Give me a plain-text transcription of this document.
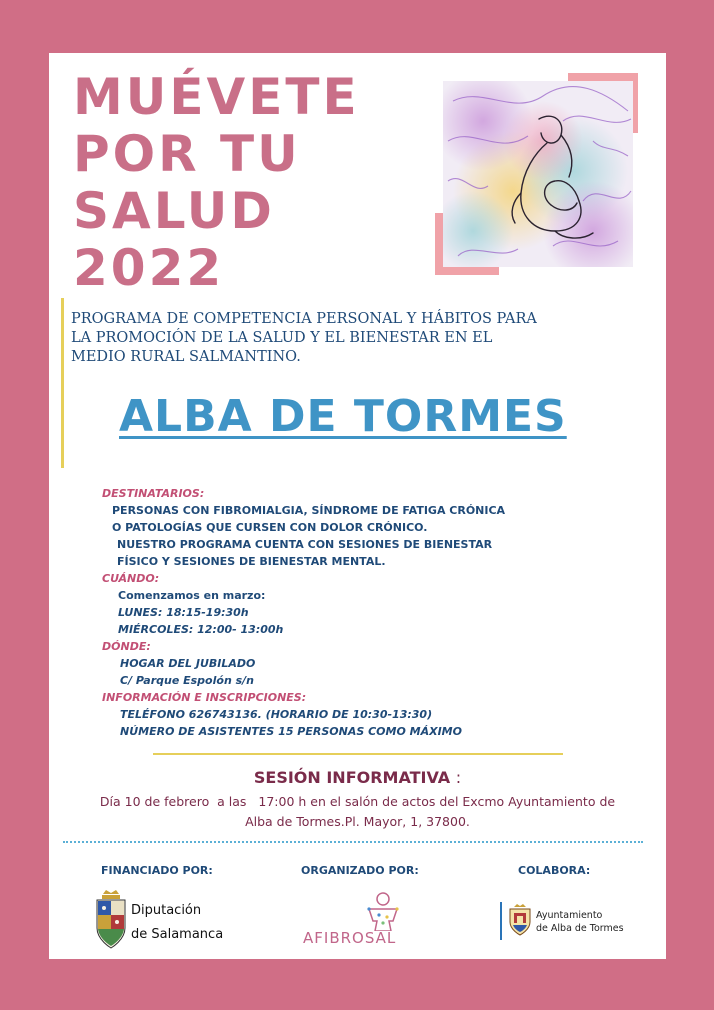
MUÉVETE
POR TU
SALUD
2022

PROGRAMA DE COMPETENCIA PERSONAL Y HÁBITOS PARA
LA PROMOCIÓN DE LA SALUD Y EL BIENESTAR EN EL
MEDIO RURAL SALMANTINO.

ALBA DE TORMES
DESTINATARIOS:
PERSONAS CON FIBROMIALGIA, SÍNDROME DE FATIGA CRÓNICA
O PATOLOGÍAS QUE CURSEN CON DOLOR CRÓNICO.
NUESTRO PROGRAMA CUENTA CON SESIONES DE BIENESTAR
FÍSICO Y SESIONES DE BIENESTAR MENTAL.
CUÁNDO:
Comenzamos en marzo:
LUNES: 18:15-19:30h
MIÉRCOLES: 12:00- 13:00h
DÓNDE:
HOGAR DEL JUBILADO
C/ Parque Espolón s/n
INFORMACIÓN E INSCRIPCIONES:
TELÉFONO 626743136. (HORARIO DE 10:30-13:30)
NÚMERO DE ASISTENTES 15 PERSONAS COMO MÁXIMO
SESIÓN INFORMATIVA :
Día 10 de febrero  a las   17:00 h en el salón de actos del Excmo Ayuntamiento de
Alba de Tormes.Pl. Mayor, 1, 37800.
FINANCIADO POR:	ORGANIZADO POR:	COLABORA:
Diputación
de Salamanca	AFIBROSAL
Ayuntamiento
de Alba de Tormes
